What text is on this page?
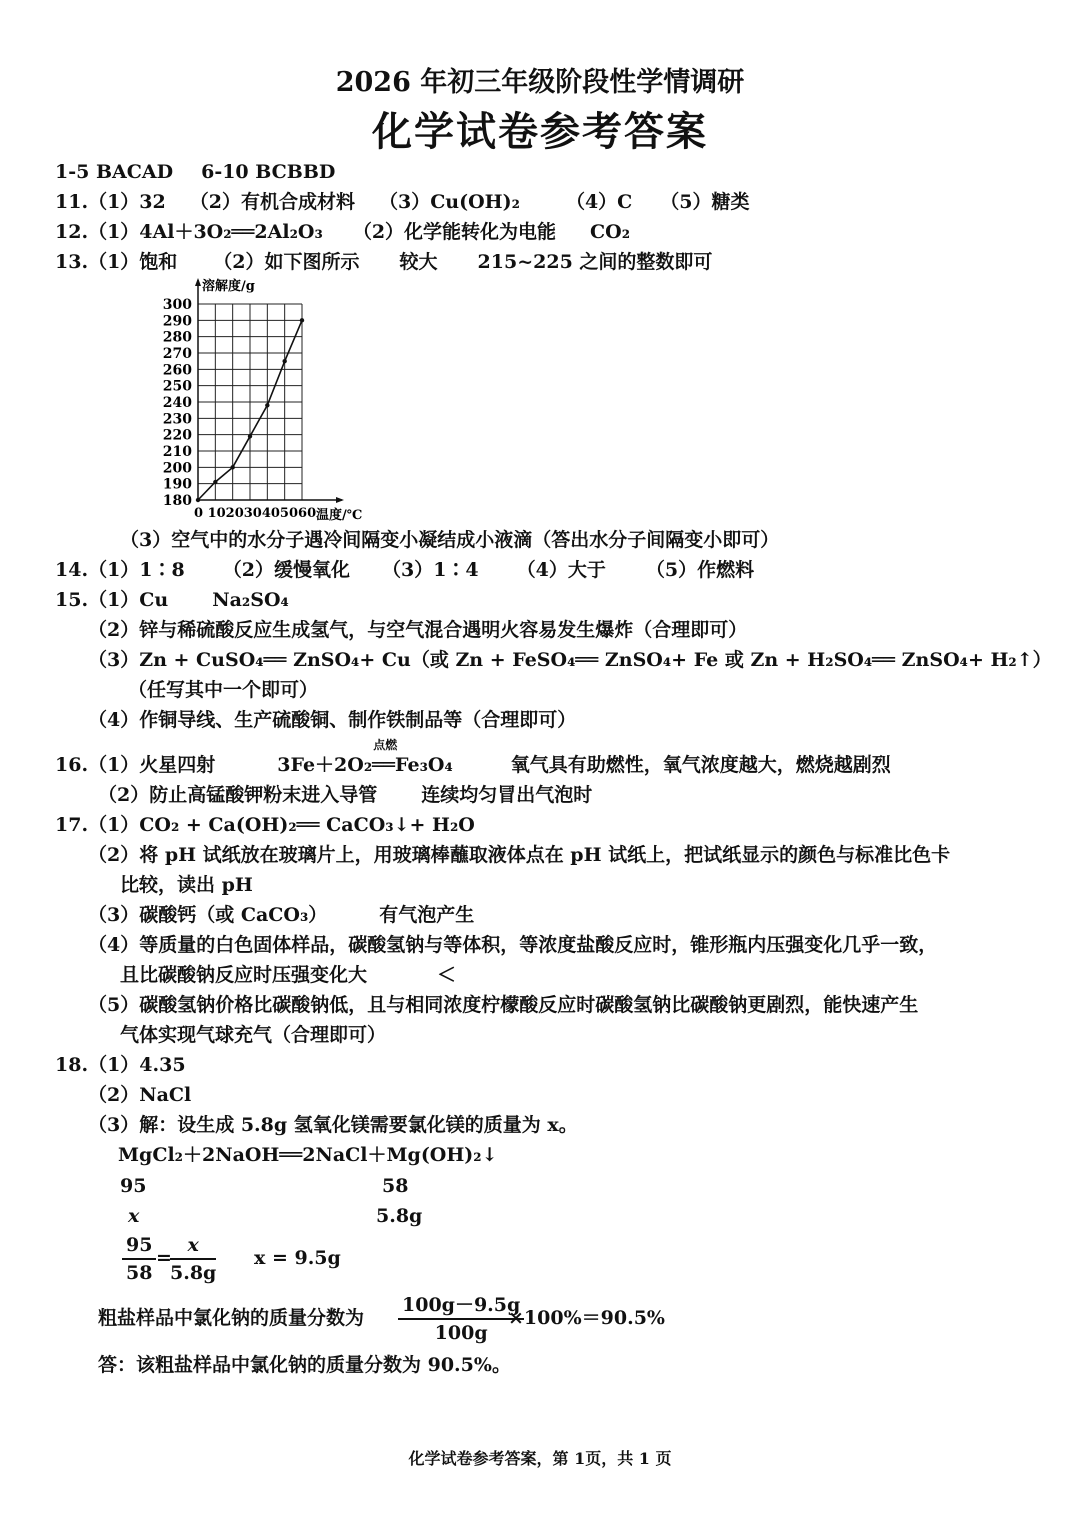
2026 年初三年级阶段性学情调研
化学试卷参考答案
1-5 BACAD 6-10 BCBBD
11.（1）32 （2）有机合成材料 （3）Cu(OH)₂ （4）C （5）糖类
12.（1）4Al＋3O₂══2Al₂O₃ （2）化学能转化为电能 CO₂
13.（1）饱和 （2）如下图所示 较大 215~225 之间的整数即可
180
190
200
210
220
230
240
250
260
270
280
290
300
溶解度/g
0 102030405060 温度/℃
（3）空气中的水分子遇冷间隔变小凝结成小液滴（答出水分子间隔变小即可）
14.（1）1∶8 （2）缓慢氧化 （3）1∶4 （4）大于 （5）作燃料
15.（1）Cu Na₂SO₄
（2）锌与稀硫酸反应生成氢气，与空气混合遇明火容易发生爆炸（合理即可）
（3）Zn + CuSO₄══ ZnSO₄+ Cu（或 Zn + FeSO₄══ ZnSO₄+ Fe 或 Zn + H₂SO₄══ ZnSO₄+ H₂↑）
（任写其中一个即可）
（4）作铜导线、生产硫酸铜、制作铁制品等（合理即可）
16.（1）火星四射
点燃
3Fe＋2O₂══Fe₃O₄	氧气具有助燃性，氧气浓度越大，燃烧越剧烈
（2）防止高锰酸钾粉末进入导管 连续均匀冒出气泡时
17.（1）CO₂ + Ca(OH)₂══ CaCO₃↓+ H₂O
（2）将 pH 试纸放在玻璃片上，用玻璃棒蘸取液体点在 pH 试纸上，把试纸显示的颜色与标准比色卡
比较，读出 pH
（3）碳酸钙（或 CaCO₃）	有气泡产生
（4）等质量的白色固体样品，碳酸氢钠与等体积，等浓度盐酸反应时，锥形瓶内压强变化几乎一致，
且比碳酸钠反应时压强变化大	＜
（5）碳酸氢钠价格比碳酸钠低，且与相同浓度柠檬酸反应时碳酸氢钠比碳酸钠更剧烈，能快速产生
气体实现气球充气（合理即可）
18.（1）4.35
（2）NaCl
（3）解：设生成 5.8g 氢氧化镁需要氯化镁的质量为 x。
MgCl₂＋2NaOH══2NaCl＋Mg(OH)₂↓
95	58
x	5.8g
$\frac{95}{58}$ =
$\frac{x}{5.8g}$ x = 9.5g
粗盐样品中氯化钠的质量分数为 $\frac{100g-9.5g}{100g}$
×100%＝90.5%
答：该粗盐样品中氯化钠的质量分数为 90.5%。
化学试卷参考答案，第 1页，共 1 页
